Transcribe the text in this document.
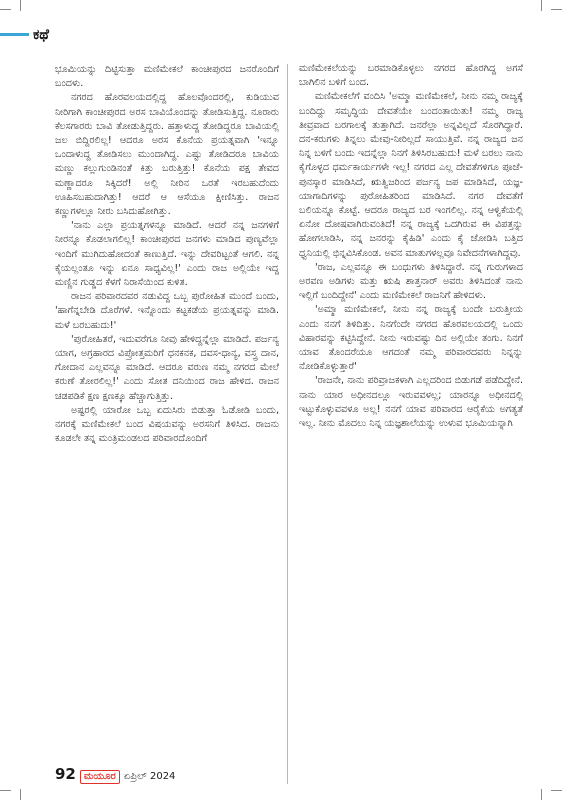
ಕಥೆ

ಭೂಮಿಯನ್ನು ದಿಟ್ಟಿಸುತ್ತಾ ಮಣಿಮೇಕಲೆ ಕಾಂಚೀಪುರದ ಜನರೊಂದಿಗೆ ಬಂದಳು.

ನಗರದ ಹೊರವಲಯದಲ್ಲಿದ್ದ ಹೊಲವೊಂದರಲ್ಲಿ, ಕುಡಿಯುವ ನೀರಿಗಾಗಿ ಕಾಂಚೀಪುರದ ಅರಸ ಬಾವಿಯೊಂದನ್ನು ತೋಡಿಸುತ್ತಿದ್ದ. ನೂರಾರು ಕೆಲಸಗಾರರು ಬಾವಿ ತೋಡುತ್ತಿದ್ದರು. ಹತ್ತಾಳುದ್ದ ತೋಡಿದ್ದರೂ ಬಾವಿಯಲ್ಲಿ ಜಲ ಬಿದ್ದಿರಲಿಲ್ಲ! ಆದರೂ ಅರಸ ಕೊನೆಯ ಪ್ರಯತ್ನವಾಗಿ 'ಇನ್ನೂ ಒಂದಾಳುದ್ದ ತೋಡಿಸಲು ಮುಂದಾಗಿದ್ದ. ಎಷ್ಟು ತೋಡಿದರೂ ಬಾವಿಯ ಮಣ್ಣು ಕಲ್ಲುಗುಂಡಿನಂತೆ ಕಿತ್ತು ಬರುತ್ತಿತ್ತು! ಕೊನೆಯ ಪಕ್ಷ ತೇವದ ಮಣ್ಣಾದರೂ ಸಿಕ್ಕಿದರೆ! ಅಲ್ಲಿ ನೀರಿನ ಒರತೆ ಇರಬಹುದೆಂದು ಊಹಿಸಬಹುದಾಗಿತ್ತು! ಆದರೆ ಆ ಆಸೆಯೂ ಕ್ಷೀಣಿಸಿತ್ತು. ರಾಜನ ಕಣ್ಣುಗಳಲ್ಲೂ ನೀರು ಬಸಿದುಹೋಗಿತ್ತು.

'ನಾನು ಎಲ್ಲಾ ಪ್ರಯತ್ನಗಳನ್ನೂ ಮಾಡಿದೆ. ಆದರೆ ನನ್ನ ಜನಗಳಿಗೆ ನೀರನ್ನೂ ಕೊಡಲಾಗಲಿಲ್ಲ! ಕಾಂಚೀಪುರದ ಜನಗಳು ಮಾಡಿದ ಪುಣ್ಯವೆಲ್ಲಾ ಇಂದಿಗೆ ಮುಗಿದುಹೋದಂತೆ ಕಾಣುತ್ತಿದೆ. ಇನ್ನು ದೇವರಿಟ್ಟಂತೆ ಆಗಲಿ. ನನ್ನ ಕೈಯಲ್ಲಂತೂ ಇನ್ನು ಏನೂ ಸಾಧ್ಯವಿಲ್ಲ!' ಎಂದು ರಾಜ ಅಲ್ಲಿಯೇ ಇದ್ದ ಮಣ್ಣಿನ ಗುಡ್ಡದ ಕೆಳಗೆ ನಿರಾಸೆಯಿಂದ ಕುಳಿತ.

ರಾಜನ ಪರಿವಾರದವರ ನಡುವಿದ್ದ ಒಬ್ಬ ಪುರೋಹಿತ ಮುಂದೆ ಬಂದು, 'ಹಾಗೆನ್ನಬೇಡಿ ದೊರೆಗಳೆ. ಇನ್ನೊಂದು ಕಟ್ಟಕಡೆಯ ಪ್ರಯತ್ನವನ್ನು ಮಾಡಿ. ಮಳೆ ಬರಬಹುದು!'

'ಪುರೋಹಿತರೆ, ಇದುವರೆಗೂ ನೀವು ಹೇಳಿದ್ದನ್ನೆಲ್ಲಾ ಮಾಡಿದೆ. ಪರ್ಜನ್ಯ ಯಾಗ, ಅಗ್ರಹಾರದ ವಿಪ್ರೋತ್ತಮರಿಗೆ ಧನಕನಕ, ದವಸ-ಧಾನ್ಯ, ವಸ್ತ್ರ ದಾನ, ಗೋದಾನ ಎಲ್ಲವನ್ನೂ ಮಾಡಿದೆ. ಆದರೂ ವರುಣ ನಮ್ಮ ನಗರದ ಮೇಲೆ ಕರುಣೆ ತೋರಲಿಲ್ಲ!' ಎಂದು ಸೋತ ದನಿಯಿಂದ ರಾಜ ಹೇಳಿದ. ರಾಜನ ಚಡಪಡಿಕೆ ಕ್ಷಣ ಕ್ಷಣಕ್ಕೂ ಹೆಚ್ಚಾಗುತ್ತಿತ್ತು.

ಅಷ್ಟರಲ್ಲಿ ಯಾರೋ ಒಬ್ಬ ಏದುಸಿರು ಬಿಡುತ್ತಾ ಓಡೋಡಿ ಬಂದು, ನಗರಕ್ಕೆ ಮಣಿಮೇಕಲೆ ಬಂದ ವಿಷಯವನ್ನು ಅರಸನಿಗೆ ತಿಳಿಸಿದ. ರಾಜನು ಕೂಡಲೇ ತನ್ನ ಮಂತ್ರಿಮಂಡಲದ ಪರಿವಾರದೊಂದಿಗೆ

ಮಣಿಮೇಕಲೆಯನ್ನು ಬರಮಾಡಿಕೊಳ್ಳಲು ನಗರದ ಹೊರಗಿದ್ದ ಅಗಸೆ ಬಾಗಿಲಿನ ಬಳಿಗೆ ಬಂದ.

ಮಣಿಮೇಕಲೆಗೆ ವಂದಿಸಿ 'ಅಮ್ಮಾ ಮಣಿಮೇಕಲೆ, ನೀನು ನಮ್ಮ ರಾಜ್ಯಕ್ಕೆ ಬಂದಿದ್ದು ಸಮೃದ್ಧಿಯ ದೇವತೆಯೇ ಬಂದಂತಾಯಿತು! ನಮ್ಮ ರಾಜ್ಯ ತೀವ್ರವಾದ ಬರಗಾಲಕ್ಕೆ ತುತ್ತಾಗಿದೆ. ಜನರೆಲ್ಲಾ ಅನ್ನವಿಲ್ಲದೆ ಸೊರಗಿದ್ದಾರೆ. ದನ-ಕರುಗಳು ತಿನ್ನಲು ಮೇವು-ನೀರಿಲ್ಲದೆ ಸಾಯುತ್ತಿವೆ. ನನ್ನ ರಾಜ್ಯದ ಜನ ನಿನ್ನ ಬಳಿಗೆ ಬಂದು ಇದನ್ನೆಲ್ಲಾ ನಿನಗೆ ತಿಳಿಸಿರಬಹುದು! ಮಳೆ ಬರಲು ನಾನು ಕೈಗೊಳ್ಳದ ಧರ್ಮಕಾರ್ಯಗಳೇ ಇಲ್ಲ! ನಗರದ ಎಲ್ಲ ದೇವತೆಗಳಿಗೂ ಪೂಜೆ-ಪುನಸ್ಕಾರ ಮಾಡಿಸಿದೆ, ಋತ್ವಿಜರಿಂದ ಪರ್ಜನ್ಯ ಜಪ ಮಾಡಿಸಿದೆ, ಯಜ್ಞ-ಯಾಗಾದಿಗಳನ್ನು ಪುರೋಹಿತರಿಂದ ಮಾಡಿಸಿದೆ. ನಗರ ದೇವತೆಗೆ ಬಲಿಯನ್ನೂ ಕೊಟ್ಟೆ. ಆದರೂ ರಾಜ್ಯದ ಬರ ಇಂಗಲಿಲ್ಲ. ನನ್ನ ಆಳ್ವಿಕೆಯಲ್ಲಿ ಏನೋ ದೋಷವಾಗಿರುವಂತಿದೆ! ನನ್ನ ರಾಜ್ಯಕ್ಕೆ ಒದಗಿರುವ ಈ ವಿಪತ್ತನ್ನು ಹೋಗಲಾಡಿಸಿ, ನನ್ನ ಜನರನ್ನು ಕೈಹಿಡಿ' ಎಂದು ಕೈ ಜೋಡಿಸಿ ಬತ್ತಿದ ಧ್ವನಿಯಲ್ಲಿ ಭಿನ್ನವಿಸಿಕೊಂಡ. ಅವನ ಮಾತುಗಳಲ್ಲವೂ ನಿವೇದನೆಗಳಾಗಿದ್ದವು.

'ರಾಜ, ಎಲ್ಲವನ್ನೂ ಈ ಬಂಧುಗಳು ತಿಳಿಸಿದ್ದಾರೆ. ನನ್ನ ಗುರುಗಳಾದ ಅರವಣ ಅಡಿಗಳು ಮತ್ತು ಋಷಿ ಶಾತ್ತನಾರ್ ಅವರು ತಿಳಿಸಿದಂತೆ ನಾನು ಇಲ್ಲಿಗೆ ಬಂದಿದ್ದೇನೆ' ಎಂದು ಮಣಿಮೇಕಲೆ ರಾಜನಿಗೆ ಹೇಳಿದಳು.

'ಅಮ್ಮಾ ಮಣಿಮೇಕಲೆ, ನೀನು ನನ್ನ ರಾಜ್ಯಕ್ಕೆ ಬಂದೇ ಬರುತ್ತೀಯ ಎಂದು ನನಗೆ ತಿಳಿದಿತ್ತು. ನಿನಗೆಂದೇ ನಗರದ ಹೊರವಲಯದಲ್ಲಿ ಒಂದು ವಿಹಾರವನ್ನು ಕಟ್ಟಿಸಿದ್ದೇನೆ. ನೀನು ಇರುವಷ್ಟು ದಿನ ಅಲ್ಲಿಯೇ ತಂಗು. ನಿನಗೆ ಯಾವ ತೊಂದರೆಯೂ ಆಗದಂತೆ ನಮ್ಮ ಪರಿವಾರದವರು ನಿನ್ನನ್ನು ನೋಡಿಕೊಳ್ಳುತ್ತಾರೆ'

'ರಾಜನೇ, ನಾನು ಪರಿವ್ರಾಜಕಳಾಗಿ ಎಲ್ಲದರಿಂದ ಬಿಡುಗಡೆ ಪಡೆದಿದ್ದೇನೆ. ನಾನು ಯಾರ ಅಧೀನದಲ್ಲೂ ಇರುವವಳಲ್ಲ; ಯಾರನ್ನೂ ಅಧೀನದಲ್ಲಿ ಇಟ್ಟುಕೊಳ್ಳುವವಳೂ ಅಲ್ಲ! ನನಗೆ ಯಾವ ಪರಿವಾರದ ಆರೈಕೆಯ ಅಗತ್ಯತೆ ಇಲ್ಲ. ನೀನು ಮೊದಲು ನಿನ್ನ ಯಜ್ಞಶಾಲೆಯನ್ನು ಉಳುವ ಭೂಮಿಯನ್ನಾಗಿ

92 ಮಯೂರ ಏಪ್ರಿಲ್ 2024
